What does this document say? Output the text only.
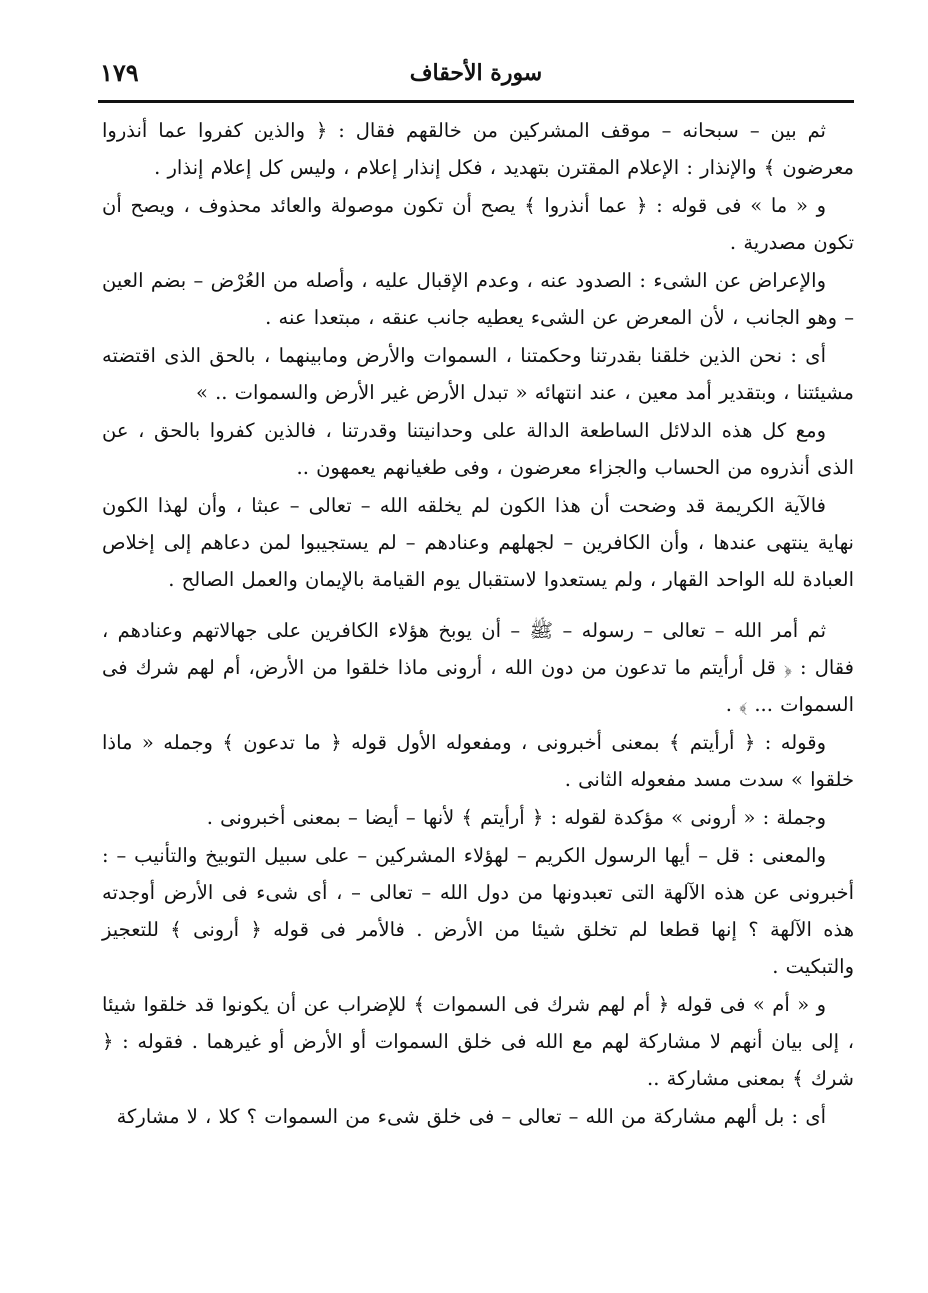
سورة الأحقاف
١٧٩

ثم بين – سبحانه – موقف المشركين من خالقهم فقال : ﴿ والذين كفروا عما أنذروا معرضون ﴾ والإنذار : الإعلام المقترن بتهديد ، فكل إنذار إعلام ، وليس كل إعلام إنذار .

و « ما » فى قوله : ﴿ عما أنذروا ﴾ يصح أن تكون موصولة والعائد محذوف ، ويصح أن تكون مصدرية .

والإعراض عن الشىء : الصدود عنه ، وعدم الإقبال عليه ، وأصله من العُرْض – بضم العين – وهو الجانب ، لأن المعرض عن الشىء يعطيه جانب عنقه ، مبتعدا عنه .

أى : نحن الذين خلقنا بقدرتنا وحكمتنا ، السموات والأرض ومابينهما ، بالحق الذى اقتضته مشيئتنا ، وبتقدير أمد معين ، عند انتهائه « تبدل الأرض غير الأرض والسموات .. »

ومع كل هذه الدلائل الساطعة الدالة على وحدانيتنا وقدرتنا ، فالذين كفروا بالحق ، عن الذى أنذروه من الحساب والجزاء معرضون ، وفى طغيانهم يعمهون ..

فالآية الكريمة قد وضحت أن هذا الكون لم يخلقه الله – تعالى – عبثا ، وأن لهذا الكون نهاية ينتهى عندها ، وأن الكافرين – لجهلهم وعنادهم – لم يستجيبوا لمن دعاهم إلى إخلاص العبادة لله الواحد القهار ، ولم يستعدوا لاستقبال يوم القيامة بالإيمان والعمل الصالح .

ثم أمر الله – تعالى – رسوله – ﷺ – أن يوبخ هؤلاء الكافرين على جهالاتهم وعنادهم ، فقال : ﴿ قل أرأيتم ما تدعون من دون الله ، أرونى ماذا خلقوا من الأرض، أم لهم شرك فى السموات ... ﴾ .

وقوله : ﴿ أرأيتم ﴾ بمعنى أخبرونى ، ومفعوله الأول قوله ﴿ ما تدعون ﴾ وجمله « ماذا خلقوا » سدت مسد مفعوله الثانى .

وجملة : « أرونى » مؤكدة لقوله : ﴿ أرأيتم ﴾ لأنها – أيضا – بمعنى أخبرونى .

والمعنى : قل – أيها الرسول الكريم – لهؤلاء المشركين – على سبيل التوبيخ والتأنيب – : أخبرونى عن هذه الآلهة التى تعبدونها من دول الله – تعالى – ، أى شىء فى الأرض أوجدته هذه الآلهة ؟ إنها قطعا لم تخلق شيئا من الأرض . فالأمر فى قوله ﴿ أرونى ﴾ للتعجيز والتبكيت .

و « أم » فى قوله ﴿ أم لهم شرك فى السموات ﴾ للإضراب عن أن يكونوا قد خلقوا شيئا ، إلى بيان أنهم لا مشاركة لهم مع الله فى خلق السموات أو الأرض أو غيرهما . فقوله : ﴿ شرك ﴾ بمعنى مشاركة ..

أى : بل ألهم مشاركة من الله – تعالى – فى خلق شىء من السموات ؟ كلا ، لا مشاركة
